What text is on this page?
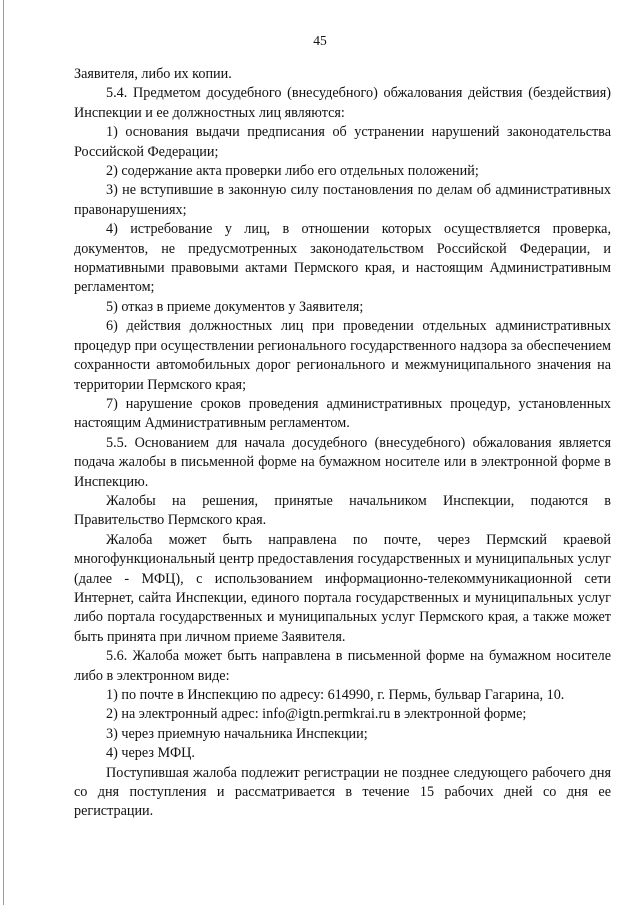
45

Заявителя, либо их копии.

5.4. Предметом досудебного (внесудебного) обжалования действия (бездействия) Инспекции и ее должностных лиц являются:

1) основания выдачи предписания об устранении нарушений законодательства Российской Федерации;

2) содержание акта проверки либо его отдельных положений;

3) не вступившие в законную силу постановления по делам об административных правонарушениях;

4) истребование у лиц, в отношении которых осуществляется проверка, документов, не предусмотренных законодательством Российской Федерации, и нормативными правовыми актами Пермского края, и настоящим Административным регламентом;

5) отказ в приеме документов у Заявителя;

6) действия должностных лиц при проведении отдельных административных процедур при осуществлении регионального государственного надзора за обеспечением сохранности автомобильных дорог регионального и межмуниципального значения на территории Пермского края;

7) нарушение сроков проведения административных процедур, установленных настоящим Административным регламентом.

5.5. Основанием для начала досудебного (внесудебного) обжалования является подача жалобы в письменной форме на бумажном носителе или в электронной форме в Инспекцию.

Жалобы на решения, принятые начальником Инспекции, подаются в Правительство Пермского края.

Жалоба может быть направлена по почте, через Пермский краевой многофункциональный центр предоставления государственных и муниципальных услуг (далее - МФЦ), с использованием информационно-телекоммуникационной сети Интернет, сайта Инспекции, единого портала государственных и муниципальных услуг либо портала государственных и муниципальных услуг Пермского края, а также может быть принята при личном приеме Заявителя.

5.6. Жалоба может быть направлена в письменной форме на бумажном носителе либо в электронном виде:

1) по почте в Инспекцию по адресу: 614990, г. Пермь, бульвар Гагарина, 10.

2) на электронный адрес: info@igtn.permkrai.ru в электронной форме;

3) через приемную начальника Инспекции;

4) через МФЦ.

Поступившая жалоба подлежит регистрации не позднее следующего рабочего дня со дня поступления и рассматривается в течение 15 рабочих дней со дня ее регистрации.
